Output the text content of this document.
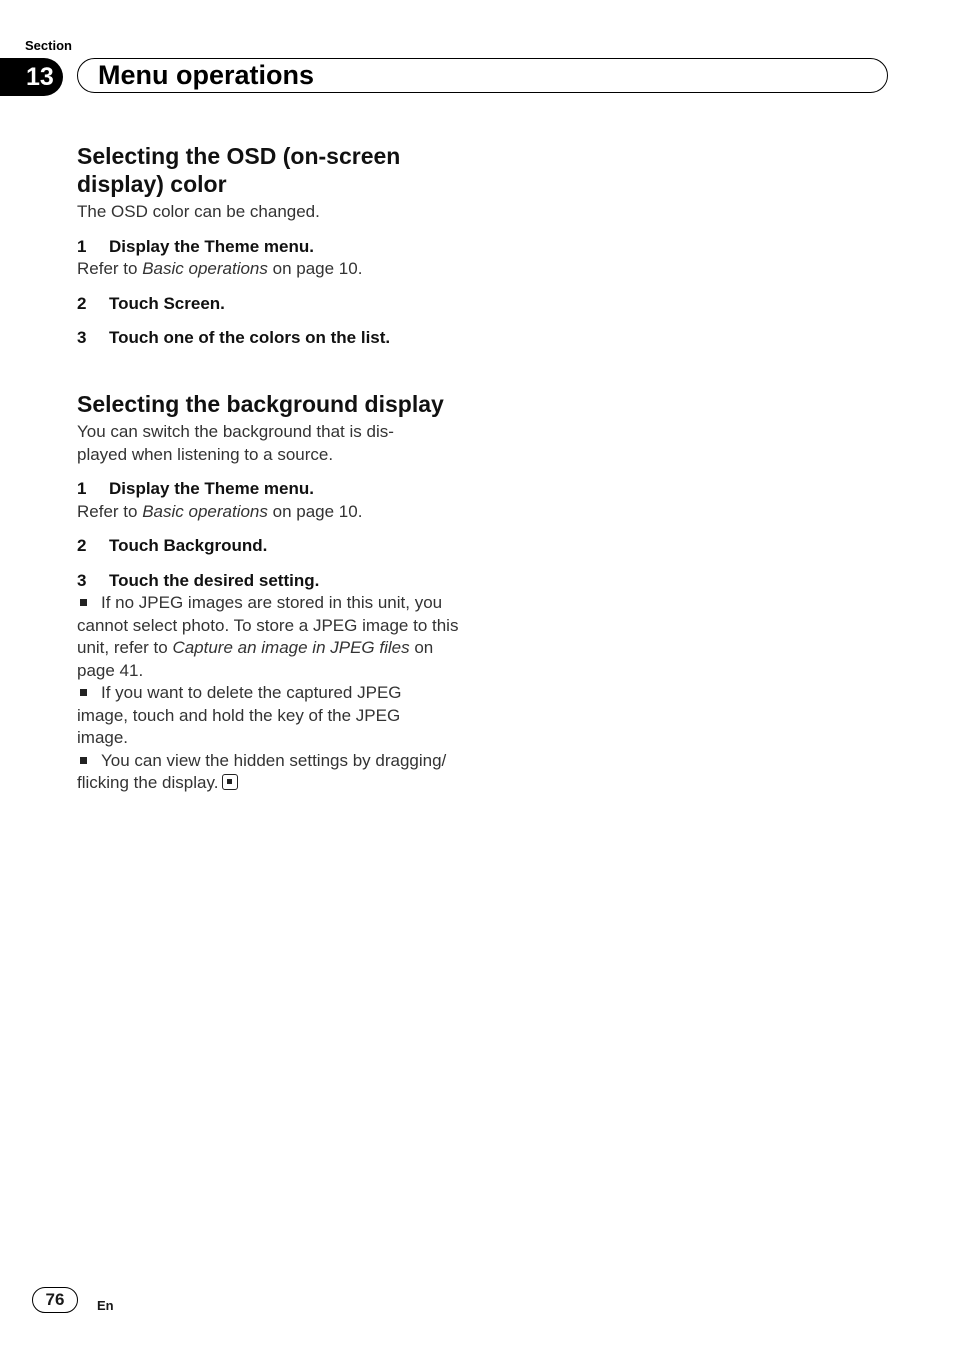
Section
13	Menu operations
Selecting the OSD (on-screen display) color

The OSD color can be changed.

1	Display the Theme menu.
Refer to Basic operations on page 10.
2	Touch Screen.
3	Touch one of the colors on the list.
Selecting the background display

You can switch the background that is dis-played when listening to a source.

1	Display the Theme menu.
Refer to Basic operations on page 10.
2	Touch Background.
3	Touch the desired setting.
If no JPEG images are stored in this unit, you cannot select photo. To store a JPEG image to this unit, refer to Capture an image in JPEG files on page 41.
If you want to delete the captured JPEG image, touch and hold the key of the JPEG image.
You can view the hidden settings by dragging/ flicking the display.
76	En
